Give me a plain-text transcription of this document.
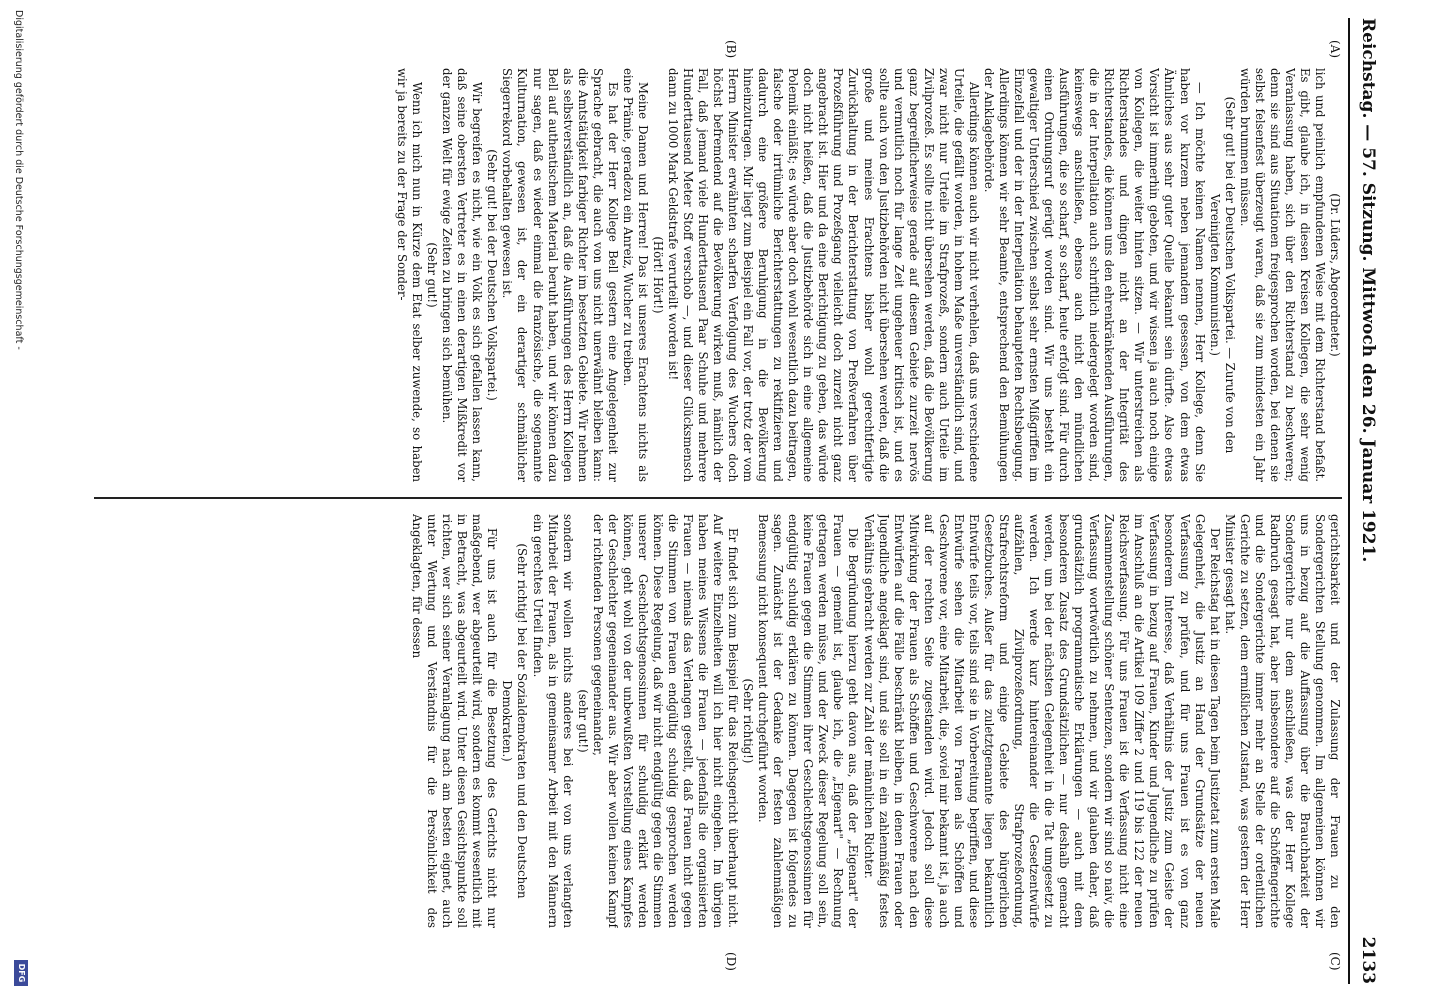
Reichstag. — 57. Sitzung. Mittwoch den 26. Januar 1921.
2133
(A)
(B)
(C)
(D)

(Dr. Lüders, Abgeordneter.)

lich und peinlich empfundenen Weise mit dem Richterstand befaßt. Es gibt, glaube ich, in diesen Kreisen Kollegen, die sehr wenig Veranlassung haben, sich über den Richterstand zu beschweren; denn sie sind aus Situationen freigesprochen worden, bei denen sie selbst felsenfest überzeugt waren, daß sie zum mindesten ein Jahr würden brummen müssen.

(Sehr gut! bei der Deutschen Volkspartei. — Zurufe von den Vereinigten Kommunisten.)

— Ich möchte keinen Namen nennen, Herr Kollege, denn Sie haben vor kurzem neben jemandem gesessen, von dem etwas Ähnliches aus sehr guter Quelle bekannt sein dürfte. Also etwas Vorsicht ist immerhin geboten, und wir wissen ja auch noch einige von Kollegen, die weiter hinten sitzen. — Wir unterstreichen als Richterstandes und dingen nicht an der Integrität des Richterstandes, die können uns den ehrenkränkenden Ausführungen, die in der Interpellation auch schriftlich niedergelegt worden sind, keineswegs anschließen, ebenso auch nicht den mündlichen Ausführungen, die so scharf, so scharf, heute erfolgt sind. Für durch einen Ordnungsruf gerügt worden sind. Wir uns besteht ein gewaltiger Unterschied zwischen selbst sehr ernsten Mißgriffen im Einzelfall und der in der Interpellation behaupteten Rechtsbeugung. Allerdings können wir sehr Beamte, entsprechend den Bemühungen der Anklagebehörde.

Allerdings können auch wir nicht verhehlen, daß uns verschiedene Urteile, die gefällt worden, in hohem Maße unverständlich sind, und zwar nicht nur Urteile im Strafprozeß, sondern auch Urteile im Zivilprozeß. Es sollte nicht übersehen werden, daß die Bevölkerung ganz begreiflicherweise gerade auf diesem Gebiete zurzeit nervös und vermutlich noch für lange Zeit ungeheuer kritisch ist, und es sollte auch von den Justizbehörden nicht übersehen werden, daß die große und meines Erachtens bisher wohl gerechtfertigte Zurückhaltung in der Berichterstattung von Preßverfahren über Prozeßführung und Prozeßgang vielleicht doch zurzeit nicht ganz angebracht ist. Hier und da eine Berichtigung zu geben, das würde doch nicht heißen, daß die Justizbehörde sich in eine allgemeine Polemik einläßt; es würde aber doch wohl wesentlich dazu beitragen, falsche oder irrtümliche Berichterstattungen zu rektifizieren und dadurch eine größere Beruhigung in die Bevölkerung hineinzutragen. Mir liegt zum Beispiel ein Fall vor, der trotz der vom Herrn Minister erwähnten scharfen Verfolgung des Wuchers doch höchst befremdend auf die Bevölkerung wirken muß, nämlich der Fall, daß jemand viele Hunderttausend Paar Schuhe und mehrere Hunderttausend Meter Stoff verschob —, und dieser Glücksmensch dann zu 1000 Mark Geldstrafe verurteilt worden ist!

(Hört! Hört!)

Meine Damen und Herren! Das ist unseres Erachtens nichts als eine Prämie, geradezu ein Anreiz, Wucher zu treiben.

Es hat der Herr Kollege Bell gestern eine Angelegenheit zur Sprache gebracht, die auch von uns nicht unerwähnt bleiben kann: die Amtstätigkeit farbiger Richter im besetzten Gebiete. Wir nehmen als selbstverständlich an, daß die Ausführungen des Herrn Kollegen Bell auf authentischem Material beruht haben, und wir können dazu nur sagen, daß es wieder einmal die französische, die sogenannte Kulturnation, gewesen ist, der ein derartiger schmählicher Siegerrekord vorbehalten gewesen ist.

(Sehr gut! bei der Deutschen Volkspartei.)

Wir begreifen es nicht, wie ein Volk es sich gefallen lassen kann, daß seine obersten Vertreter es in einen derartigen Mißkredit vor der ganzen Welt für ewige Zeiten zu bringen sich bemühen.

(Sehr gut!)

Wenn ich mich nun in Kürze dem Etat selber zuwende, so haben wir ja bereits zu der Frage der Sonder-

gerichtsbarkeit und der Zulassung der Frauen zu den Sondergerichten Stellung genommen. Im allgemeinen können wir uns in bezug auf die Auffassung über die Brauchbarkeit der Sondergerichte nur dem anschließen, was der Herr Kollege Radbruch gesagt hat, aber insbesondere auf die Schöffengerichte und die Sondergerichte immer mehr an Stelle der ordentlichen Gerichte zu setzen, dem ermißlichen Zustand, was gestern der Herr Minister gesagt hat.

Der Reichstag hat in diesen Tagen beim Justizetat zum ersten Male Gelegenheit, die Justiz an Hand der Grundsätze der neuen Verfassung zu prüfen, und für uns Frauen ist es von ganz besonderem Interesse, daß Verhältnis der Justiz zum Geiste der Verfassung in bezug auf Frauen, Kinder und Jugendliche zu prüfen im Anschluß an die Artikel 109 Ziffer 2 und 119 bis 122 der neuen Reichsverfassung. Für uns Frauen ist die Verfassung nicht eine Zusammenstellung schöner Sentenzen, sondern wir sind so naiv, die Verfassung wortwörtlich zu nehmen, und wir glauben daher, daß grundsätzlich programmatische Erklärungen — auch mit dem besonderen Zusatz des Grundsätzlichen — nur deshalb gemacht werden, um bei der nächsten Gelegenheit in die Tat umgesetzt zu werden. Ich werde kurz hintereinander die Gesetzentwürfe aufzählen, Zivilprozeßordnung, Strafprozeßordnung, Strafrechtsreform und einige Gebiete des bürgerlichen Gesetzbuches. Außer für das zuletztgenannte liegen bekanntlich Entwürfe teils vor, teils sind sie in Vorbereitung begriffen, und diese Entwürfe sehen die Mitarbeit von Frauen als Schöffen und Geschworene vor, eine Mitarbeit, die, soviel mir bekannt ist, ja auch auf der rechten Seite zugestanden wird. Jedoch soll diese Mitwirkung der Frauen als Schöffen und Geschworene nach den Entwürfen auf die Fälle beschränkt bleiben, in denen Frauen oder Jugendliche angeklagt sind, und sie soll in ein zahlenmäßig festes Verhältnis gebracht werden zur Zahl der männlichen Richter.

Die Begründung hierzu geht davon aus, daß der „Eigenart" der Frauen — gemeint ist, glaube ich, die „Eigenart" — Rechnung getragen werden müsse, und der Zweck dieser Regelung soll sein, keine Frauen gegen die Stimmen ihrer Geschlechtsgenossinnen für endgültig schuldig erklären zu können. Dagegen ist folgendes zu sagen. Zunächst ist der Gedanke der festen zahlenmäßigen Bemessung nicht konsequent durchgeführt worden.

(Sehr richtig!)

Er findet sich zum Beispiel für das Reichsgericht überhaupt nicht. Auf weitere Einzelheiten will ich hier nicht eingehen. Im übrigen haben meines Wissens die Frauen — jedenfalls die organisierten Frauen — niemals das Verlangen gestellt, daß Frauen nicht gegen die Stimmen von Frauen endgültig schuldig gesprochen werden können. Diese Regelung, daß wir nicht endgültig gegen die Stimmen unserer Geschlechtsgenossinnen für schuldig erklärt werden können, geht wohl von der unbewußten Vorstellung eines Kampfes der Geschlechter gegeneinander aus. Wir aber wollen keinen Kampf der richtenden Personen gegeneinander,

(sehr gut!)

sondern wir wollen nichts anderes bei der von uns verlangten Mitarbeit der Frauen, als in gemeinsamer Arbeit mit den Männern ein gerechtes Urteil finden.

(Sehr richtig! bei der Sozialdemokraten und den Deutschen Demokraten.)

Für uns ist auch für die Besetzung des Gerichts nicht nur maßgebend, wer abgeurteilt wird, sondern es kommt wesentlich mit in Betracht, was abgeurteilt wird. Unter diesen Gesichtspunkte soll richten, wer sich seiner Veranlagung nach am besten eignet, auch unter Wertung und Verständnis für die Persönlichkeit des Angeklagten, für dessen

Digitalisierung gefördert durch die Deutsche Forschungsgemeinschaft -
DFG
